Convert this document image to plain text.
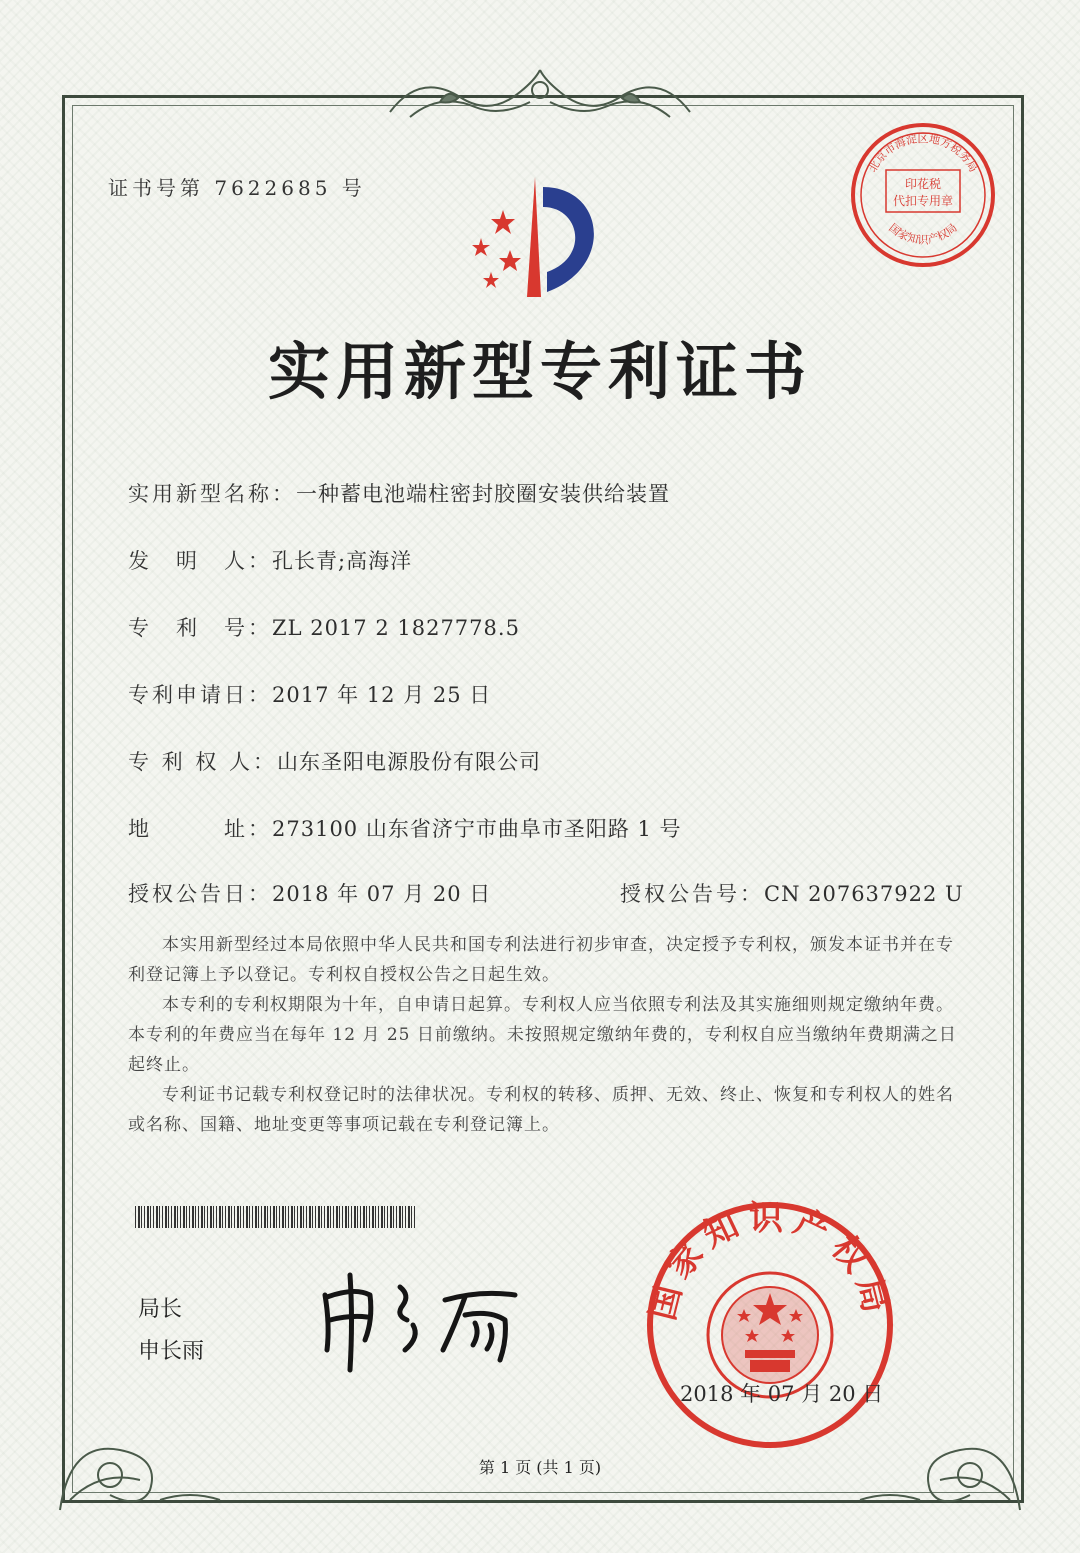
证书号第 7622685 号
北京市海淀区地方税务局
印花税
代扣专用章
国家知识产权局
实用新型专利证书
实用新型名称：一种蓄电池端柱密封胶圈安装供给装置
发　明　人：孔长青;高海洋
专　利　号：ZL 2017 2 1827778.5
专利申请日：2017 年 12 月 25 日
专 利 权 人：山东圣阳电源股份有限公司
地　　　址：273100 山东省济宁市曲阜市圣阳路 1 号
授权公告日：2018 年 07 月 20 日	授权公告号：CN 207637922 U

本实用新型经过本局依照中华人民共和国专利法进行初步审查，决定授予专利权，颁发本证书并在专利登记簿上予以登记。专利权自授权公告之日起生效。

本专利的专利权期限为十年，自申请日起算。专利权人应当依照专利法及其实施细则规定缴纳年费。本专利的年费应当在每年 12 月 25 日前缴纳。未按照规定缴纳年费的，专利权自应当缴纳年费期满之日起终止。

专利证书记载专利权登记时的法律状况。专利权的转移、质押、无效、终止、恢复和专利权人的姓名或名称、国籍、地址变更等事项记载在专利登记簿上。

局长
申长雨
国家知识产权局
2018 年 07 月 20 日
第 1 页 (共 1 页)
